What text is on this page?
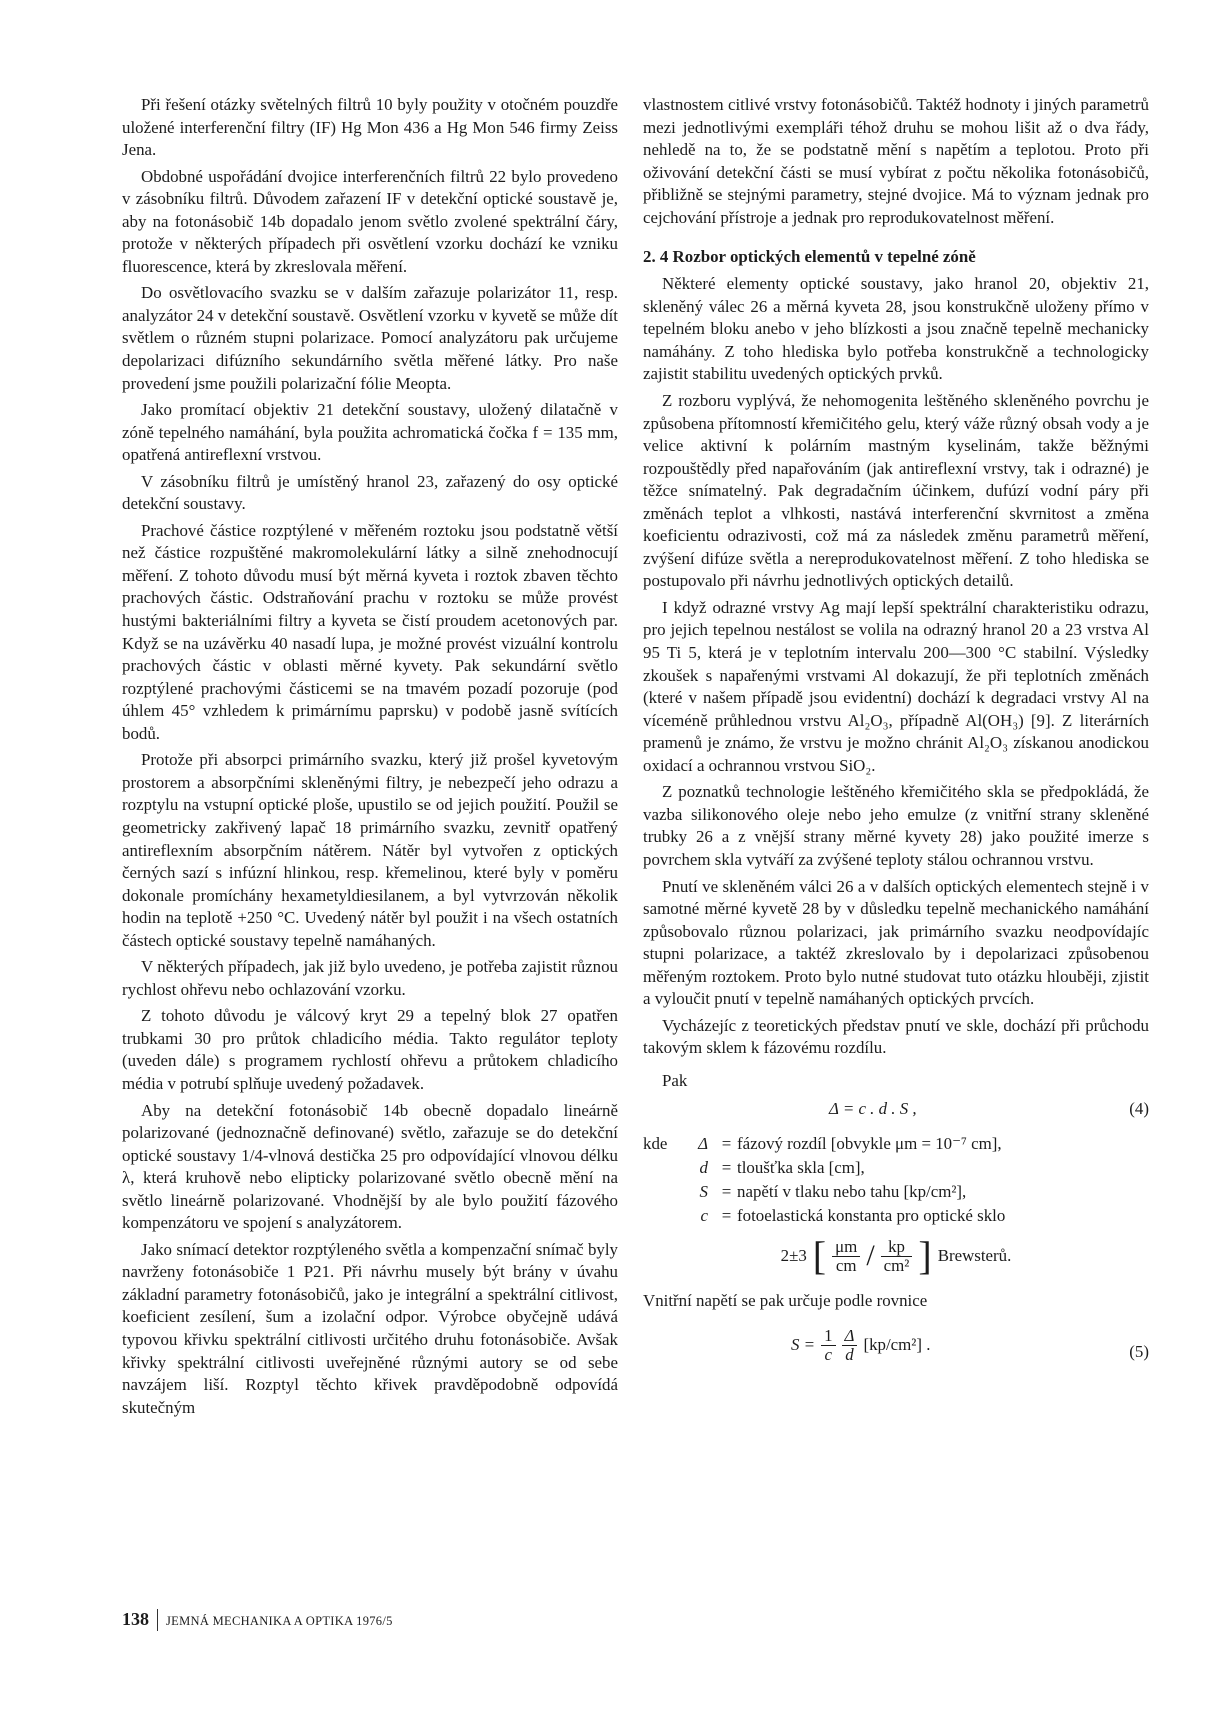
Při řešení otázky světelných filtrů 10 byly použity v otočném pouzdře uložené interferenční filtry (IF) Hg Mon 436 a Hg Mon 546 firmy Zeiss Jena.

Obdobné uspořádání dvojice interferenčních filtrů 22 bylo provedeno v zásobníku filtrů. Důvodem zařazení IF v detekční optické soustavě je, aby na fotonásobič 14b dopadalo jenom světlo zvolené spektrální čáry, protože v některých případech při osvětlení vzorku dochází ke vzniku fluorescence, která by zkreslovala měření.

Do osvětlovacího svazku se v dalším zařazuje polarizátor 11, resp. analyzátor 24 v detekční soustavě. Osvětlení vzorku v kyvetě se může dít světlem o různém stupni polarizace. Pomocí analyzátoru pak určujeme depolarizaci difúzního sekundárního světla měřené látky. Pro naše provedení jsme použili polarizační fólie Meopta.

Jako promítací objektiv 21 detekční soustavy, uložený dilatačně v zóně tepelného namáhání, byla použita achromatická čočka f = 135 mm, opatřená antireflexní vrstvou.

V zásobníku filtrů je umístěný hranol 23, zařazený do osy optické detekční soustavy.

Prachové částice rozptýlené v měřeném roztoku jsou podstatně větší než částice rozpuštěné makromolekulární látky a silně znehodnocují měření. Z tohoto důvodu musí být měrná kyveta i roztok zbaven těchto prachových částic. Odstraňování prachu v roztoku se může provést hustými bakteriálními filtry a kyveta se čistí proudem acetonových par. Když se na uzávěrku 40 nasadí lupa, je možné provést vizuální kontrolu prachových částic v oblasti měrné kyvety. Pak sekundární světlo rozptýlené prachovými částicemi se na tmavém pozadí pozoruje (pod úhlem 45° vzhledem k primárnímu paprsku) v podobě jasně svítících bodů.

Protože při absorpci primárního svazku, který již prošel kyvetovým prostorem a absorpčními skleněnými filtry, je nebezpečí jeho odrazu a rozptylu na vstupní optické ploše, upustilo se od jejich použití. Použil se geometricky zakřivený lapač 18 primárního svazku, zevnitř opatřený antireflexním absorpčním nátěrem. Nátěr byl vytvořen z optických černých sazí s infúzní hlinkou, resp. křemelinou, které byly v poměru dokonale promíchány hexametyldiesilanem, a byl vytvrzován několik hodin na teplotě +250 °C. Uvedený nátěr byl použit i na všech ostatních částech optické soustavy tepelně namáhaných.

V některých případech, jak již bylo uvedeno, je potřeba zajistit různou rychlost ohřevu nebo ochlazování vzorku.

Z tohoto důvodu je válcový kryt 29 a tepelný blok 27 opatřen trubkami 30 pro průtok chladicího média. Takto regulátor teploty (uveden dále) s programem rychlostí ohřevu a průtokem chladicího média v potrubí splňuje uvedený požadavek.

Aby na detekční fotonásobič 14b obecně dopadalo lineárně polarizované (jednoznačně definované) světlo, zařazuje se do detekční optické soustavy 1/4-vlnová destička 25 pro odpovídající vlnovou délku λ, která kruhově nebo elipticky polarizované světlo obecně mění na světlo lineárně polarizované. Vhodnější by ale bylo použití fázového kompenzátoru ve spojení s analyzátorem.

Jako snímací detektor rozptýleného světla a kompenzační snímač byly navrženy fotonásobiče 1 P21. Při návrhu musely být brány v úvahu základní parametry fotonásobičů, jako je integrální a spektrální citlivost, koeficient zesílení, šum a izolační odpor. Výrobce obyčejně udává typovou křivku spektrální citlivosti určitého druhu fotonásobiče. Avšak křivky spektrální citlivosti uveřejněné různými autory se od sebe navzájem liší. Rozptyl těchto křivek pravděpodobně odpovídá skutečným

vlastnostem citlivé vrstvy fotonásobičů. Taktéž hodnoty i jiných parametrů mezi jednotlivými exempláři téhož druhu se mohou lišit až o dva řády, nehledě na to, že se podstatně mění s napětím a teplotou. Proto při oživování detekční části se musí vybírat z počtu několika fotonásobičů, přibližně se stejnými parametry, stejné dvojice. Má to význam jednak pro cejchování přístroje a jednak pro reprodukovatelnost měření.

2. 4 Rozbor optických elementů v tepelné zóně

Některé elementy optické soustavy, jako hranol 20, objektiv 21, skleněný válec 26 a měrná kyveta 28, jsou konstrukčně uloženy přímo v tepelném bloku anebo v jeho blízkosti a jsou značně tepelně mechanicky namáhány. Z toho hlediska bylo potřeba konstrukčně a technologicky zajistit stabilitu uvedených optických prvků.

Z rozboru vyplývá, že nehomogenita leštěného skleněného povrchu je způsobena přítomností křemičitého gelu, který váže různý obsah vody a je velice aktivní k polárním mastným kyselinám, takže běžnými rozpouštědly před napařováním (jak antireflexní vrstvy, tak i odrazné) je těžce snímatelný. Pak degradačním účinkem, dufúzí vodní páry při změnách teplot a vlhkosti, nastává interferenční skvrnitost a změna koeficientu odrazivosti, což má za následek změnu parametrů měření, zvýšení difúze světla a nereprodukovatelnost měření. Z toho hlediska se postupovalo při návrhu jednotlivých optických detailů.

I když odrazné vrstvy Ag mají lepší spektrální charakteristiku odrazu, pro jejich tepelnou nestálost se volila na odrazný hranol 20 a 23 vrstva Al 95 Ti 5, která je v teplotním intervalu 200—300 °C stabilní. Výsledky zkoušek s napařenými vrstvami Al dokazují, že při teplotních změnách (které v našem případě jsou evidentní) dochází k degradaci vrstvy Al na víceméně průhlednou vrstvu Al₂O₃, případně Al(OH₃) [9]. Z literárních pramenů je známo, že vrstvu je možno chránit Al₂O₃ získanou anodickou oxidací a ochrannou vrstvou SiO₂.

Z poznatků technologie leštěného křemičitého skla se předpokládá, že vazba silikonového oleje nebo jeho emulze (z vnitřní strany skleněné trubky 26 a z vnější strany měrné kyvety 28) jako použité imerze s povrchem skla vytváří za zvýšené teploty stálou ochrannou vrstvu.

Pnutí ve skleněném válci 26 a v dalších optických elementech stejně i v samotné měrné kyvetě 28 by v důsledku tepelně mechanického namáhání způsobovalo různou polarizaci, jak primárního svazku neodpovídajíc stupni polarizace, a taktéž zkreslovalo by i depolarizaci způsobenou měřeným roztokem. Proto bylo nutné studovat tuto otázku hlouběji, zjistit a vyloučit pnutí v tepelně namáhaných optických prvcích.

Vycházejíc z teoretických představ pnutí ve skle, dochází při průchodu takovým sklem k fázovému rozdílu.

Pak

Δ = c . d . S ,	(4)
kde	Δ = fázový rozdíl [obvykle μm = 10⁻⁷ cm],
d = tloušťka skla [cm],
S = napětí v tlaku nebo tahu [kp/cm²],
c = fotoelastická konstanta pro optické sklo
2±3 [ $\frac{\mu m}{cm} / \frac{kp}{\text{cm²}}$ ] Brewsterů.

Vnitřní napětí se pak určuje podle rovnice

$S = \frac{1}{c} \frac{\Delta}{d} [kp/cm^2]$ .	(5)
138 JEMNÁ MECHANIKA A OPTIKA 1976/5
